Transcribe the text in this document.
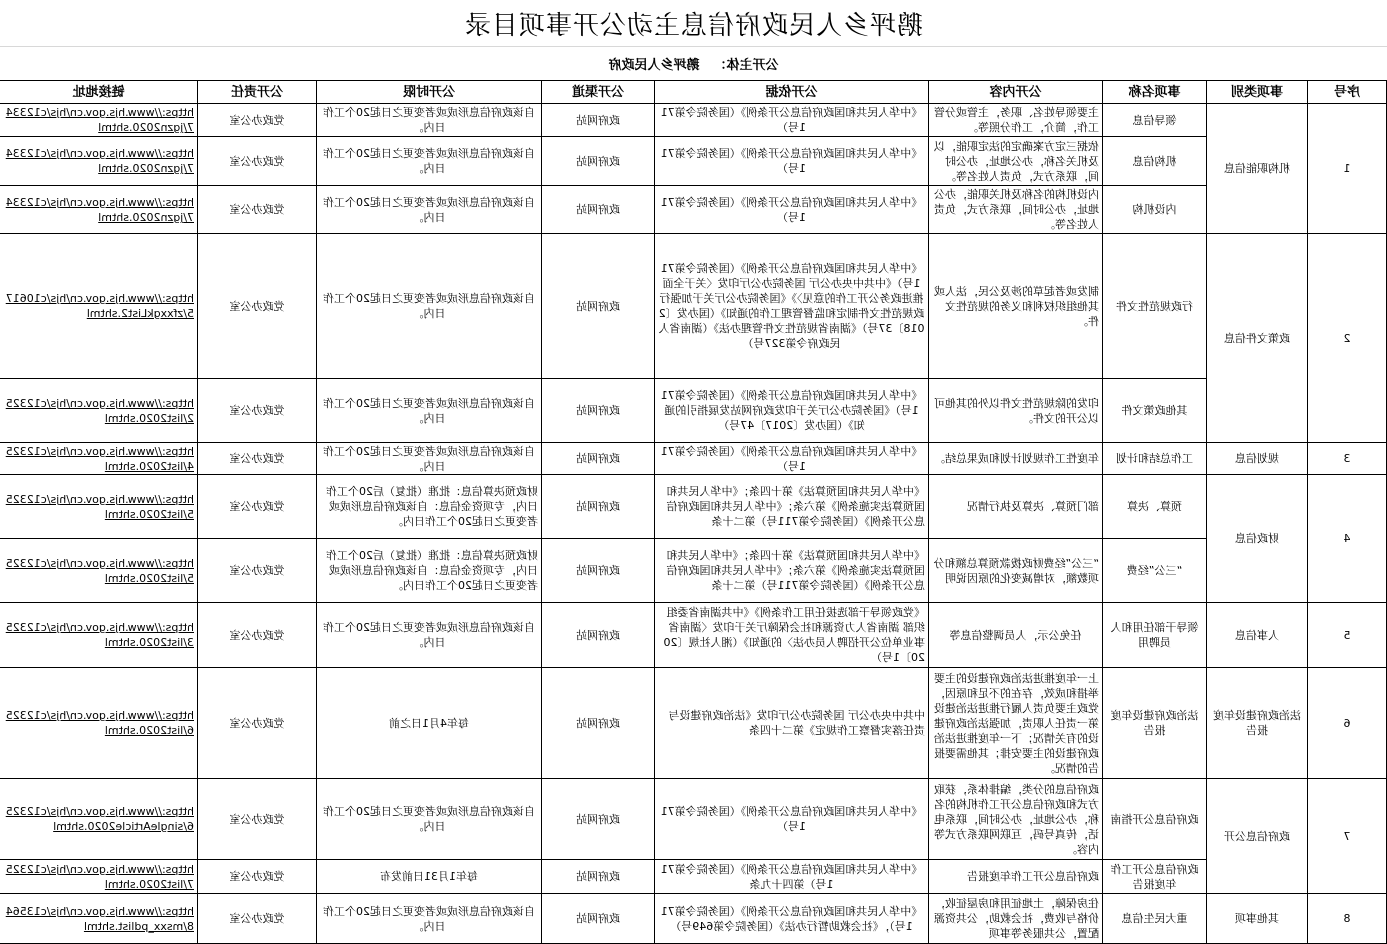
鹅坪乡人民政府信息主动公开事项目录
公开主体：
鹅坪乡人民政府
序号	事项类别	事项名称	公开内容	公开依据	公开渠道	公开时限	公开责任	链接地址
1	机构职能信息	领导信息	主要领导姓名、职务，主管或分管工作，简介，工作分照等。	《中华人民共和国政府信息公开条例》（国务院令第711号）	政府网站	自该政府信息形成或者变更之日起20个工作日内。	党政办公室	https://www.hjs.gov.cn/hjs/c123347/jgzn2020.shtml
		机构信息	依据三定方案确定的法定职能，以及机关名称，办公地址，办公时间，联系方式，负责人姓名等。	《中华人民共和国政府信息公开条例》（国务院令第711号）	政府网站	自该政府信息形成或者变更之日起20个工作日内。	党政办公室	https://www.hjs.gov.cn/hjs/c123347/jgzn2020.shtml
		内设机构	内设机构的名称及机关职能，办公地址，办公时间，联系方式，负责人姓名等。	《中华人民共和国政府信息公开条例》（国务院令第711号）	政府网站	自该政府信息形成或者变更之日起20个工作日内。	党政办公室	https://www.hjs.gov.cn/hjs/c123347/jgzn2020.shtml
2	政策文件信息	行政规范性文件	制发或者起草的涉及公民，法人或其他组织权利和义务的规范性文件。	《中华人民共和国政府信息公开条例》（国务院令第711号）《中共中央办公厅 国务院办公厅印发〈关于全面推进政务公开工作的意见〉》《国务院办公厅关于加强行政规范性文件制定和监督管理工作的通知》（国办发〔2018〕37号）《湖南省规范性文件管理办法》（湖南省人民政府令第327号）	政府网站	自该政府信息形成或者变更之日起20个工作日内。	党政办公室	https://www.hjs.gov.cn/hjs/c106175/zfxxgkList2.shtml
		其他政策文件	印发的除规范性文件以外的其他可以公开的文件。	《中华人民共和国政府信息公开条例》（国务院令第711号）《国务院办公厅关于印发政府网站发展指引的通知》（国办发〔2017〕47号）	政府网站	自该政府信息形成或者变更之日起20个工作日内。	党政办公室	https://www.hjs.gov.cn/hjs/c123252/list2020.shtml
3	规划信息	工作总结和计划	年度性工作规划计划和成果总结。	《中华人民共和国政府信息公开条例》（国务院令第711号）	政府网站	自该政府信息形成或者变更之日起20个工作日内。	党政办公室	https://www.hjs.gov.cn/hjs/c123254/list2020.shtml
4	财政信息	预算、决算	部门预算、决算及执行情况	《中华人民共和国预算法》第十四条；《中华人民共和国预算法实施条例》第六条；《中华人民共和国政府信息公开条例》（国务院令第711号）第二十条	政府网站	财政预决算信息：批准（批复）后20个工作日内，专项资金信息：自该政府信息形成或者变更之日起20个工作日内。	党政办公室	https://www.hjs.gov.cn/hjs/c123255/list2020.shtml
		“三公”经费	“三公”经费财政拨款预算总额和分项数额，对增减变化的原因说明	《中华人民共和国预算法》第十四条；《中华人民共和国预算法实施条例》第六条；《中华人民共和国政府信息公开条例》（国务院令第711号）第二十条	政府网站	财政预决算信息：批准（批复）后20个工作日内，专项资金信息：自该政府信息形成或者变更之日起20个工作日内。	党政办公室	https://www.hjs.gov.cn/hjs/c123255/list2020.shtml
5	人事信息	领导干部任用和人员聘用	任免公示，人员调整信息等	《党政领导干部选拔任用工作条例》《中共湖南省委组织部 湖南省人力资源和社会保障厅关于印发〈湖南省事业单位公开招聘人员办法〉的通知》（湘人社规〔2020〕1号）	政府网站	自该政府信息形成或者变更之日起20个工作日内。	党政办公室	https://www.hjs.gov.cn/hjs/c123253/list2020.shtml
6	法治政府建设年度报告	法治政府建设年度报告	上一年度推进法治政府建设的主要举措和成效，存在的不足和原因，党政主要负责人履行推进法治建设第一责任人职责，加强法治政府建设的有关情况；下一年度推进法治政府建设的主要安排；其他需要报告的情况。	中共中央办公厅 国务院办公厅印发《法治政府建设与责任落实督察工作规定》第二十四条	政府网站	每年4月1日之前	党政办公室	https://www.hjs.gov.cn/hjs/c123256/list2020.shtml
7	政府信息公开	政府信息公开指南	政府信息的分类，编排体系，获取方式和政府信息公开工作机构的名称，办公地址，办公时间，联系电话，传真号码，互联网联系方式等内容。	《中华人民共和国政府信息公开条例》（国务院令第711号）	政府网站	自该政府信息形成或者变更之日起20个工作日内。	党政办公室	https://www.hjs.gov.cn/hjs/c123256/singleArticle2020.shtml
		政府信息公开工作年度报告	政府信息公开工作年度报告	《中华人民共和国政府信息公开条例》（国务院令第711号）第四十九条	政府网站	每年1月31日前发布	党政办公室	https://www.hjs.gov.cn/hjs/c123257/list2020.shtml
8	其他事项	重大民生信息	住房保障，土地征用和房屋征收，价格与收费，社会救助，公共资源配置，公共服务等事项	《中华人民共和国政府信息公开条例》（国务院令第711号），《社会救助暂行办法》（国务院令第649号）	政府网站	自该政府信息形成或者变更之日起20个工作日内。	党政办公室	https://www.hjs.gov.cn/hjs/c135648/msxx_pdlist.shtml
